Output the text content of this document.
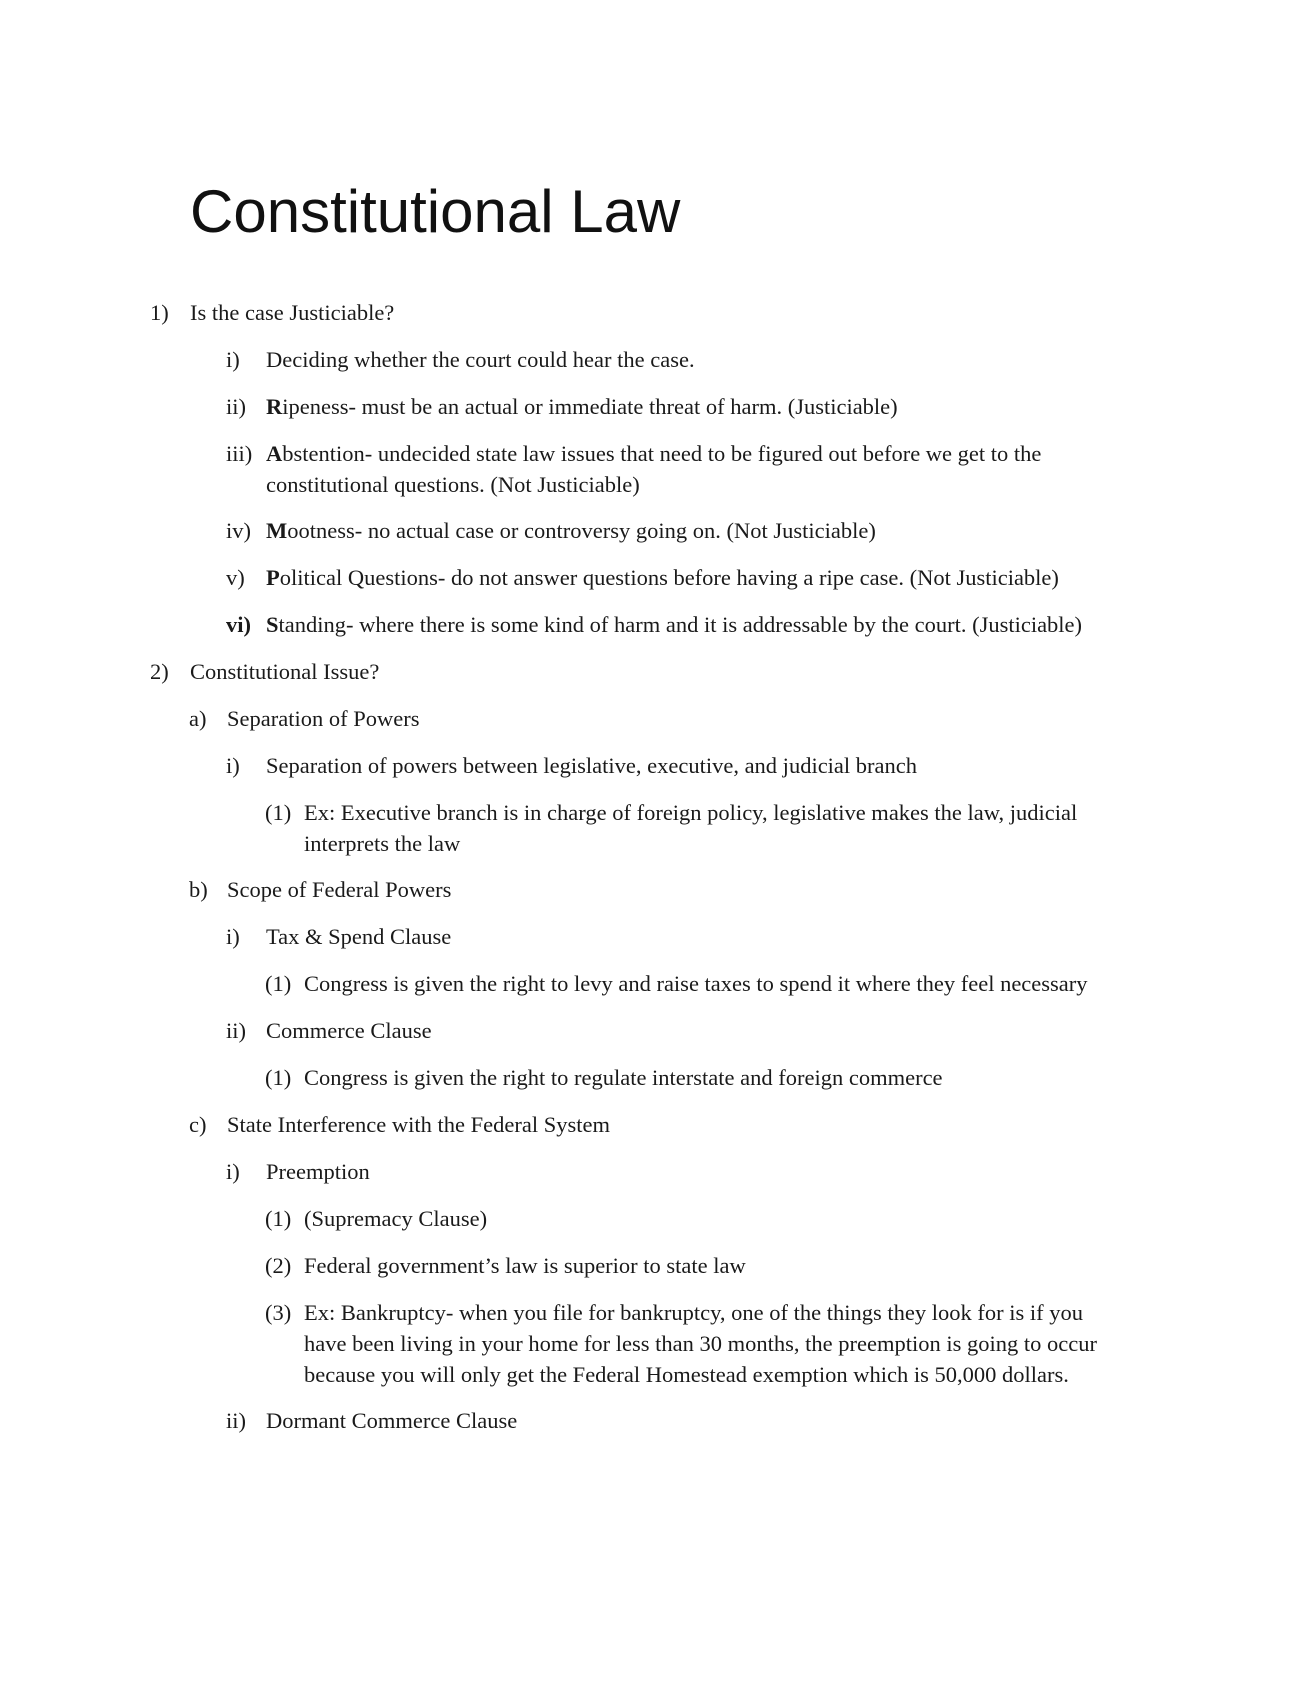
Constitutional Law
1) Is the case Justiciable?
i) Deciding whether the court could hear the case.
ii) Ripeness- must be an actual or immediate threat of harm. (Justiciable)
iii) Abstention- undecided state law issues that need to be figured out before we get to the
constitutional questions. (Not Justiciable)
iv) Mootness- no actual case or controversy going on. (Not Justiciable)
v) Political Questions- do not answer questions before having a ripe case. (Not Justiciable)
vi) Standing- where there is some kind of harm and it is addressable by the court. (Justiciable)
2) Constitutional Issue?
a) Separation of Powers
i) Separation of powers between legislative, executive, and judicial branch
(1) Ex: Executive branch is in charge of foreign policy, legislative makes the law, judicial
interprets the law
b) Scope of Federal Powers
i) Tax & Spend Clause
(1) Congress is given the right to levy and raise taxes to spend it where they feel necessary
ii) Commerce Clause
(1) Congress is given the right to regulate interstate and foreign commerce
c) State Interference with the Federal System
i) Preemption
(1) (Supremacy Clause)
(2) Federal government’s law is superior to state law
(3) Ex: Bankruptcy- when you file for bankruptcy, one of the things they look for is if you
have been living in your home for less than 30 months, the preemption is going to occur
because you will only get the Federal Homestead exemption which is 50,000 dollars.
ii) Dormant Commerce Clause
